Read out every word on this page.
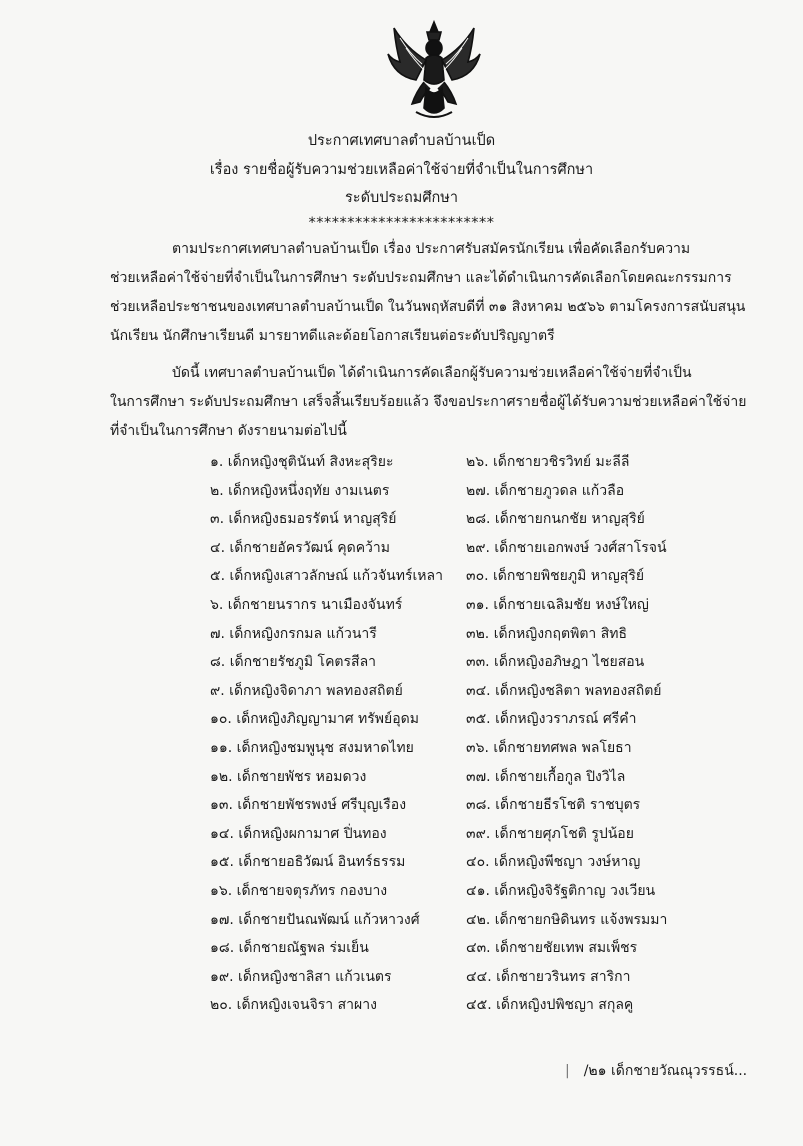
ประกาศเทศบาลตำบลบ้านเป็ด
เรื่อง รายชื่อผู้รับความช่วยเหลือค่าใช้จ่ายที่จำเป็นในการศึกษา
ระดับประถมศึกษา
************************
ตามประกาศเทศบาลตำบลบ้านเป็ด เรื่อง ประกาศรับสมัครนักเรียน เพื่อคัดเลือกรับความ
ช่วยเหลือค่าใช้จ่ายที่จำเป็นในการศึกษา ระดับประถมศึกษา และได้ดำเนินการคัดเลือกโดยคณะกรรมการ
ช่วยเหลือประชาชนของเทศบาลตำบลบ้านเป็ด ในวันพฤหัสบดีที่ ๓๑ สิงหาคม ๒๕๖๖ ตามโครงการสนับสนุน
นักเรียน นักศึกษาเรียนดี มารยาทดีและด้อยโอกาสเรียนต่อระดับปริญญาตรี
บัดนี้ เทศบาลตำบลบ้านเป็ด ได้ดำเนินการคัดเลือกผู้รับความช่วยเหลือค่าใช้จ่ายที่จำเป็น
ในการศึกษา ระดับประถมศึกษา เสร็จสิ้นเรียบร้อยแล้ว จึงขอประกาศรายชื่อผู้ได้รับความช่วยเหลือค่าใช้จ่าย
ที่จำเป็นในการศึกษา ดังรายนามต่อไปนี้
๑. เด็กหญิงชุตินันท์ สิงหะสุริยะ
๒. เด็กหญิงหนึ่งฤทัย งามเนตร
๓. เด็กหญิงธมอรรัตน์ หาญสุริย์
๔. เด็กชายอัครวัฒน์ คุดคว้าม
๕. เด็กหญิงเสาวลักษณ์ แก้วจันทร์เหลา
๖. เด็กชายนรากร นาเมืองจันทร์
๗. เด็กหญิงกรกมล แก้วนารี
๘. เด็กชายรัชภูมิ โคตรสีลา
๙. เด็กหญิงจิดาภา พลทองสถิตย์
๑๐. เด็กหญิงภิญญามาศ ทรัพย์อุดม
๑๑. เด็กหญิงชมพูนุช สงมหาดไทย
๑๒. เด็กชายพัชร หอมดวง
๑๓. เด็กชายพัชรพงษ์ ศรีบุญเรือง
๑๔. เด็กหญิงผกามาศ ปิ่นทอง
๑๕. เด็กชายอธิวัฒน์ อินทร์ธรรม
๑๖. เด็กชายจตุรภัทร กองบาง
๑๗. เด็กชายปันณพัฒน์ แก้วหาวงศ์
๑๘. เด็กชายณัฐพล ร่มเย็น
๑๙. เด็กหญิงชาลิสา แก้วเนตร
๒๐. เด็กหญิงเจนจิรา สาผาง
๒๖. เด็กชายวชิรวิทย์ มะลีลี
๒๗. เด็กชายภูวดล แก้วลือ
๒๘. เด็กชายกนกชัย หาญสุริย์
๒๙. เด็กชายเอกพงษ์ วงศ์สาโรจน์
๓๐. เด็กชายพิชยภูมิ หาญสุริย์
๓๑. เด็กชายเฉลิมชัย หงษ์ใหญ่
๓๒. เด็กหญิงกฤตพิตา สิทธิ
๓๓. เด็กหญิงอภิษฎา ไชยสอน
๓๔. เด็กหญิงชลิตา พลทองสถิตย์
๓๕. เด็กหญิงวราภรณ์ ศรีคำ
๓๖. เด็กชายทศพล พลโยธา
๓๗. เด็กชายเกื้อกูล ปิงวิไล
๓๘. เด็กชายธีรโชติ ราชบุตร
๓๙. เด็กชายศุภโชติ รูปน้อย
๔๐. เด็กหญิงพีชญา วงษ์หาญ
๔๑. เด็กหญิงจิรัฐติกาญ วงเวียน
๔๒. เด็กชายกษิดินทร แจ้งพรมมา
๔๓. เด็กชายชัยเทพ สมเพ็ชร
๔๔. เด็กชายวรินทร สาริกา
๔๕. เด็กหญิงปพิชญา สกุลคู
| /๒๑ เด็กชายวัณณุวรรธน์...
